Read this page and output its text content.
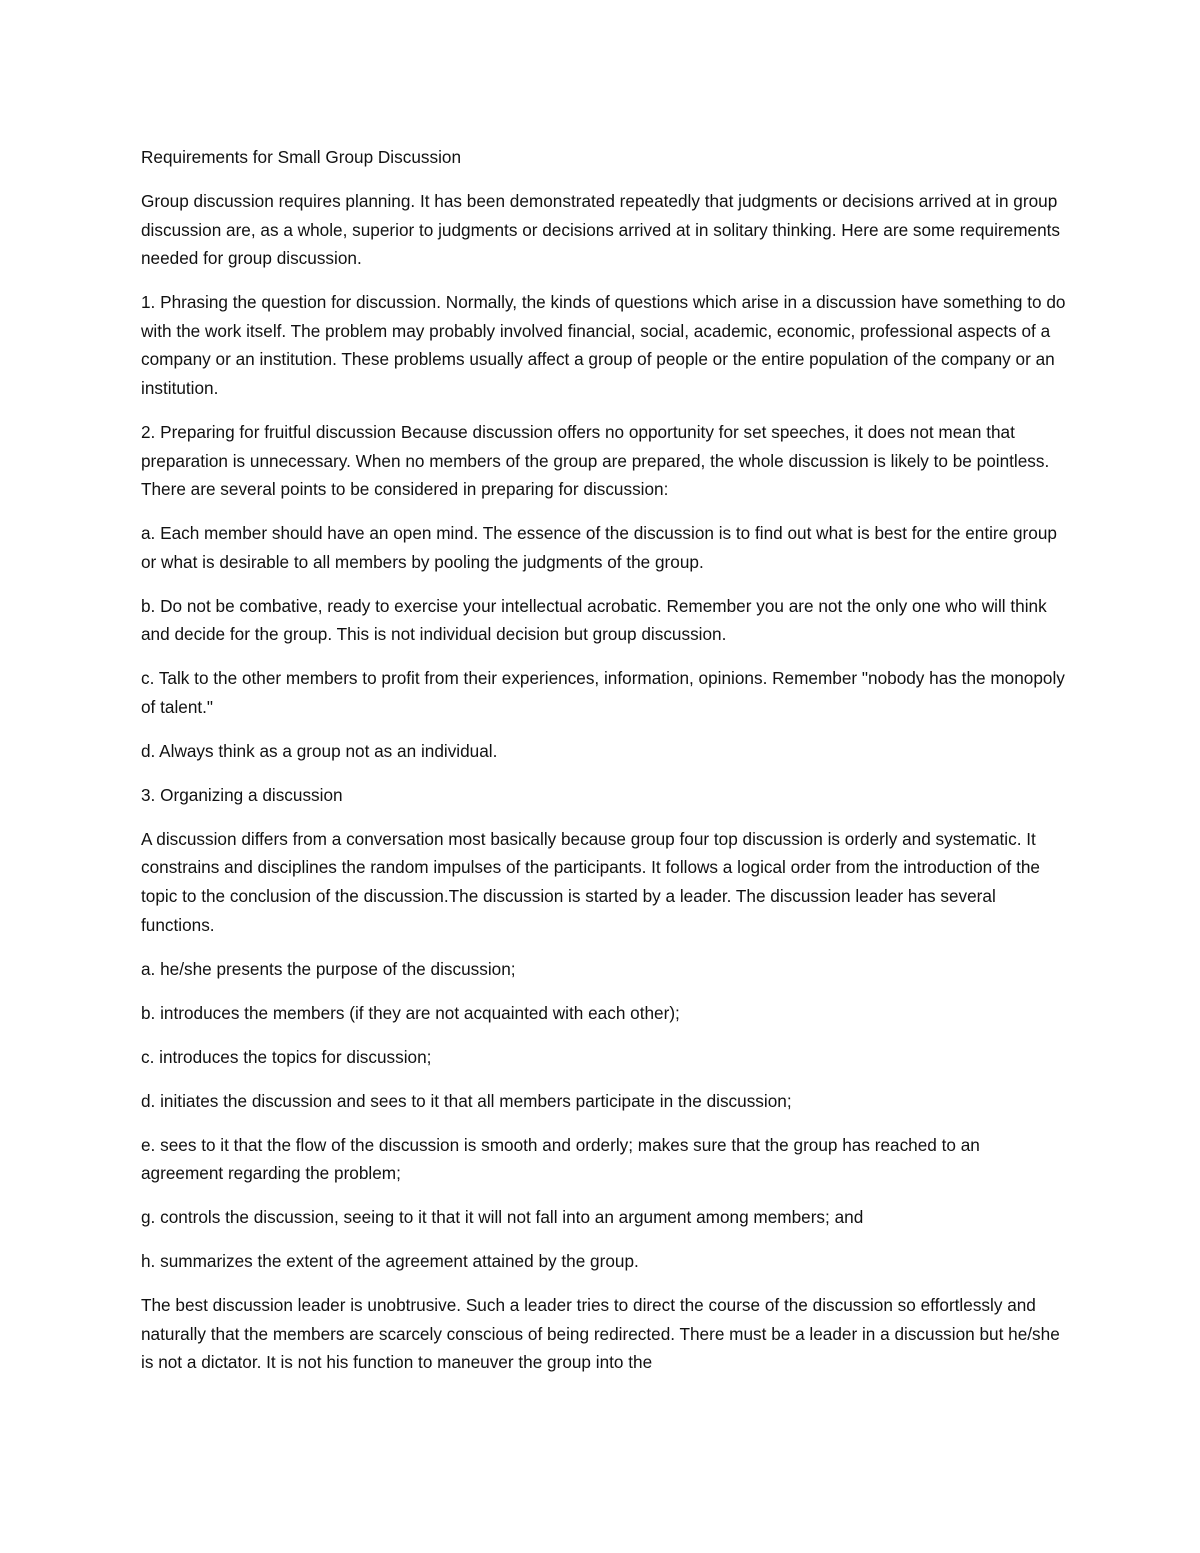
Requirements for Small Group Discussion

Group discussion requires planning. It has been demonstrated repeatedly that judgments or decisions arrived at in group discussion are, as a whole, superior to judgments or decisions arrived at in solitary thinking. Here are some requirements needed for group discussion.

1. Phrasing the question for discussion. Normally, the kinds of questions which arise in a discussion have something to do with the work itself. The problem may probably involved financial, social, academic, economic, professional aspects of a company or an institution. These problems usually affect a group of people or the entire population of the company or an institution.

2. Preparing for fruitful discussion Because discussion offers no opportunity for set speeches, it does not mean that preparation is unnecessary. When no members of the group are prepared, the whole discussion is likely to be pointless. There are several points to be considered in preparing for discussion:

a. Each member should have an open mind. The essence of the discussion is to find out what is best for the entire group or what is desirable to all members by pooling the judgments of the group.

b. Do not be combative, ready to exercise your intellectual acrobatic. Remember you are not the only one who will think and decide for the group. This is not individual decision but group discussion.

c. Talk to the other members to profit from their experiences, information, opinions. Remember "nobody has the monopoly of talent."

d. Always think as a group not as an individual.

3. Organizing a discussion

A discussion differs from a conversation most basically because group four top discussion is orderly and systematic. It constrains and disciplines the random impulses of the participants. It follows a logical order from the introduction of the topic to the conclusion of the discussion.The discussion is started by a leader. The discussion leader has several functions.

a. he/she presents the purpose of the discussion;

b. introduces the members (if they are not acquainted with each other);

c. introduces the topics for discussion;

d. initiates the discussion and sees to it that all members participate in the discussion;

e. sees to it that the flow of the discussion is smooth and orderly; makes sure that the group has reached to an agreement regarding the problem;

g. controls the discussion, seeing to it that it will not fall into an argument among members; and

h. summarizes the extent of the agreement attained by the group.

The best discussion leader is unobtrusive. Such a leader tries to direct the course of the discussion so effortlessly and naturally that the members are scarcely conscious of being redirected. There must be a leader in a discussion but he/she is not a dictator. It is not his function to maneuver the group into the
